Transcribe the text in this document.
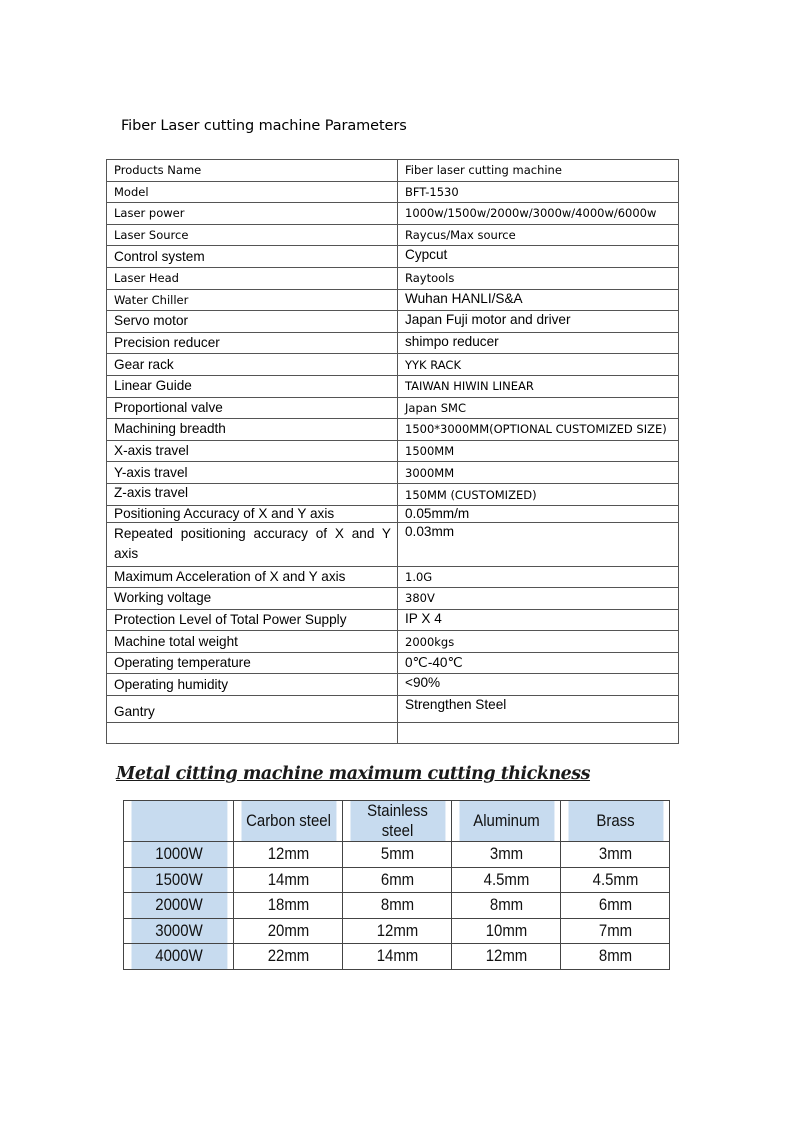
Fiber Laser cutting machine Parameters
Products Name	Fiber laser cutting machine
Model	BFT-1530
Laser power	1000w/1500w/2000w/3000w/4000w/6000w
Laser Source	Raycus/Max source
Control system	Cypcut
Laser Head	Raytools
Water Chiller	Wuhan HANLI/S&A
Servo motor	Japan Fuji motor and driver
Precision reducer	shimpo reducer
Gear rack	YYK RACK
Linear Guide	TAIWAN HIWIN LINEAR
Proportional valve	Japan SMC
Machining breadth	1500*3000MM(OPTIONAL CUSTOMIZED SIZE)
X-axis travel	1500MM
Y-axis travel	3000MM
Z-axis travel	150MM (CUSTOMIZED)
Positioning Accuracy of X and Y axis	0.05mm/m
Repeated positioning accuracy of X and Y axis	0.03mm
Maximum Acceleration of X and Y axis	1.0G
Working voltage	380V
Protection Level of Total Power Supply	IP X 4
Machine total weight	2000kgs
Operating temperature	0℃-40℃
Operating humidity	<90%
Gantry	Strengthen Steel

Metal citting machine maximum cutting thickness
	Carbon steel	Stainless steel	Aluminum	Brass
1000W	12mm	5mm	3mm	3mm
1500W	14mm	6mm	4.5mm	4.5mm
2000W	18mm	8mm	8mm	6mm
3000W	20mm	12mm	10mm	7mm
4000W	22mm	14mm	12mm	8mm
